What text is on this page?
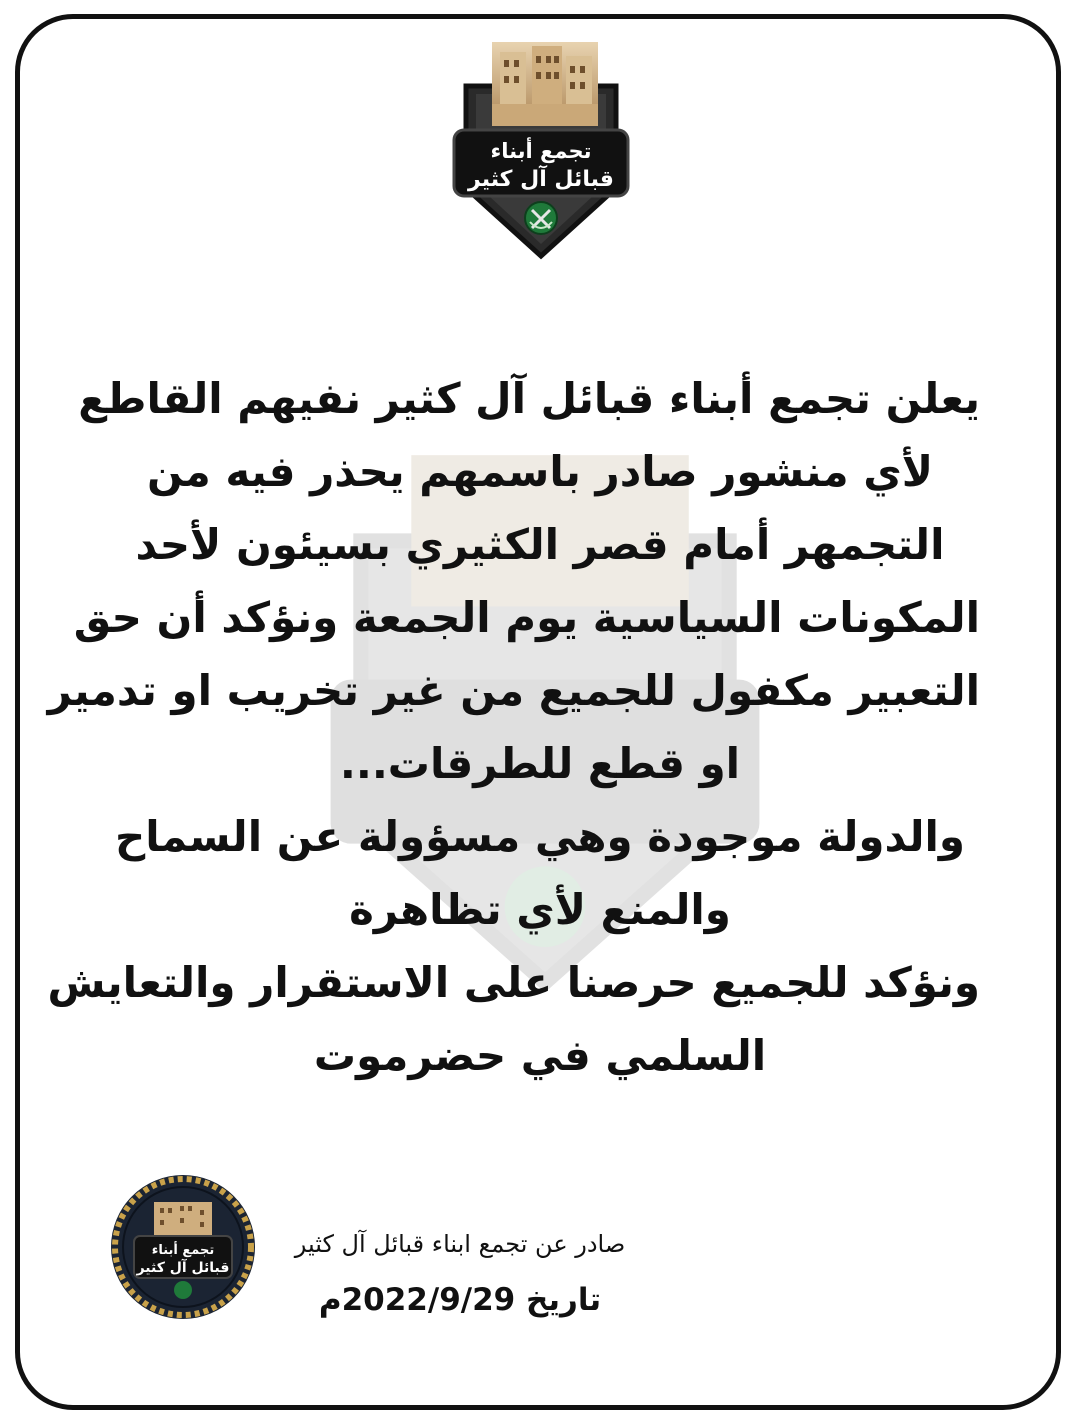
تجمع أبناء
قبائل آل كثير
يعلن تجمع أبناء قبائل آل كثير نفيهم القاطع
لأي منشور صادر باسمهم يحذر فيه من
التجمهر أمام قصر الكثيري بسيئون لأحد
المكونات السياسية يوم الجمعة ونؤكد أن حق
التعبير مكفول للجميع من غير تخريب او تدمير
او قطع للطرقات...
والدولة موجودة وهي مسؤولة عن السماح
والمنع لأي تظاهرة
ونؤكد للجميع حرصنا على الاستقرار والتعايش
السلمي في حضرموت
تجمع أبناء
قبائل آل كثير
صادر عن تجمع ابناء قبائل آل كثير
تاريخ 2022/9/29م
